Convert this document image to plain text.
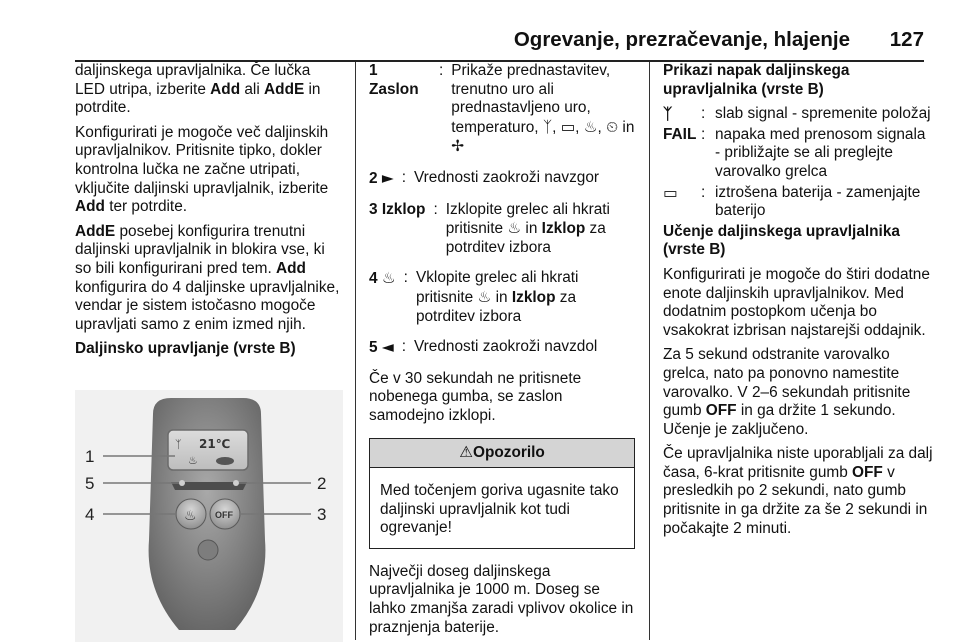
Ogrevanje, prezračevanje, hlajenje 127

daljinskega upravljalnika. Če lučka LED utripa, izberite Add ali AddE in potrdite.

Konfigurirati je mogoče več daljinskih upravljalnikov. Pritisnite tipko, dokler kontrolna lučka ne začne utripati, vključite daljinski upravljalnik, izberite Add ter potrdite.

AddE posebej konfigurira trenutni daljinski upravljalnik in blokira vse, ki so bili konfigurirani pred tem. Add konfigurira do 4 daljinske upravljalnike, vendar je sistem istočasno mogoče upravljati samo z enim izmed njih.

Daljinsko upravljanje (vrste B)

ᛉ 21℃
♨
♨ OFF
1
5
4
2
3
1
Zaslon
: Prikaže prednastavitev, trenutno uro ali prednastavljeno uro, temperaturo, ᛉ, ▭, ♨, ⏲ in ✢
2 ► : Vrednosti zaokroži navzgor
3 Izklop : Izklopite grelec ali hkrati pritisnite ♨ in Izklop za potrditev izbora
4 ♨ : Vklopite grelec ali hkrati pritisnite ♨ in Izklop za potrditev izbora
5 ◄ : Vrednosti zaokroži navzdol

Če v 30 sekundah ne pritisnete nobenega gumba, se zaslon samodejno izklopi.

⚠Opozorilo
Med točenjem goriva ugasnite tako daljinski upravljalnik kot tudi ogrevanje!

Največji doseg daljinskega upravljalnika je 1000 m. Doseg se lahko zmanjša zaradi vplivov okolice in praznjenja baterije.

Prikazi napak daljinskega upravljalnika (vrste B)

ᛉ	: slab signal - spremenite položaj
FAIL : napaka med prenosom signala - približajte se ali preglejte varovalko grelca
▭	: iztrošena baterija - zamenjajte baterijo

Učenje daljinskega upravljalnika (vrste B)

Konfigurirati je mogoče do štiri dodatne enote daljinskih upravljalnikov. Med dodatnim postopkom učenja bo vsakokrat izbrisan najstarejši oddajnik.

Za 5 sekund odstranite varovalko grelca, nato pa ponovno namestite varovalko. V 2–6 sekundah pritisnite gumb OFF in ga držite 1 sekundo. Učenje je zaključeno.

Če upravljalnika niste uporabljali za dalj časa, 6-krat pritisnite gumb OFF v presledkih po 2 sekundi, nato gumb pritisnite in ga držite za še 2 sekundi in počakajte 2 minuti.
